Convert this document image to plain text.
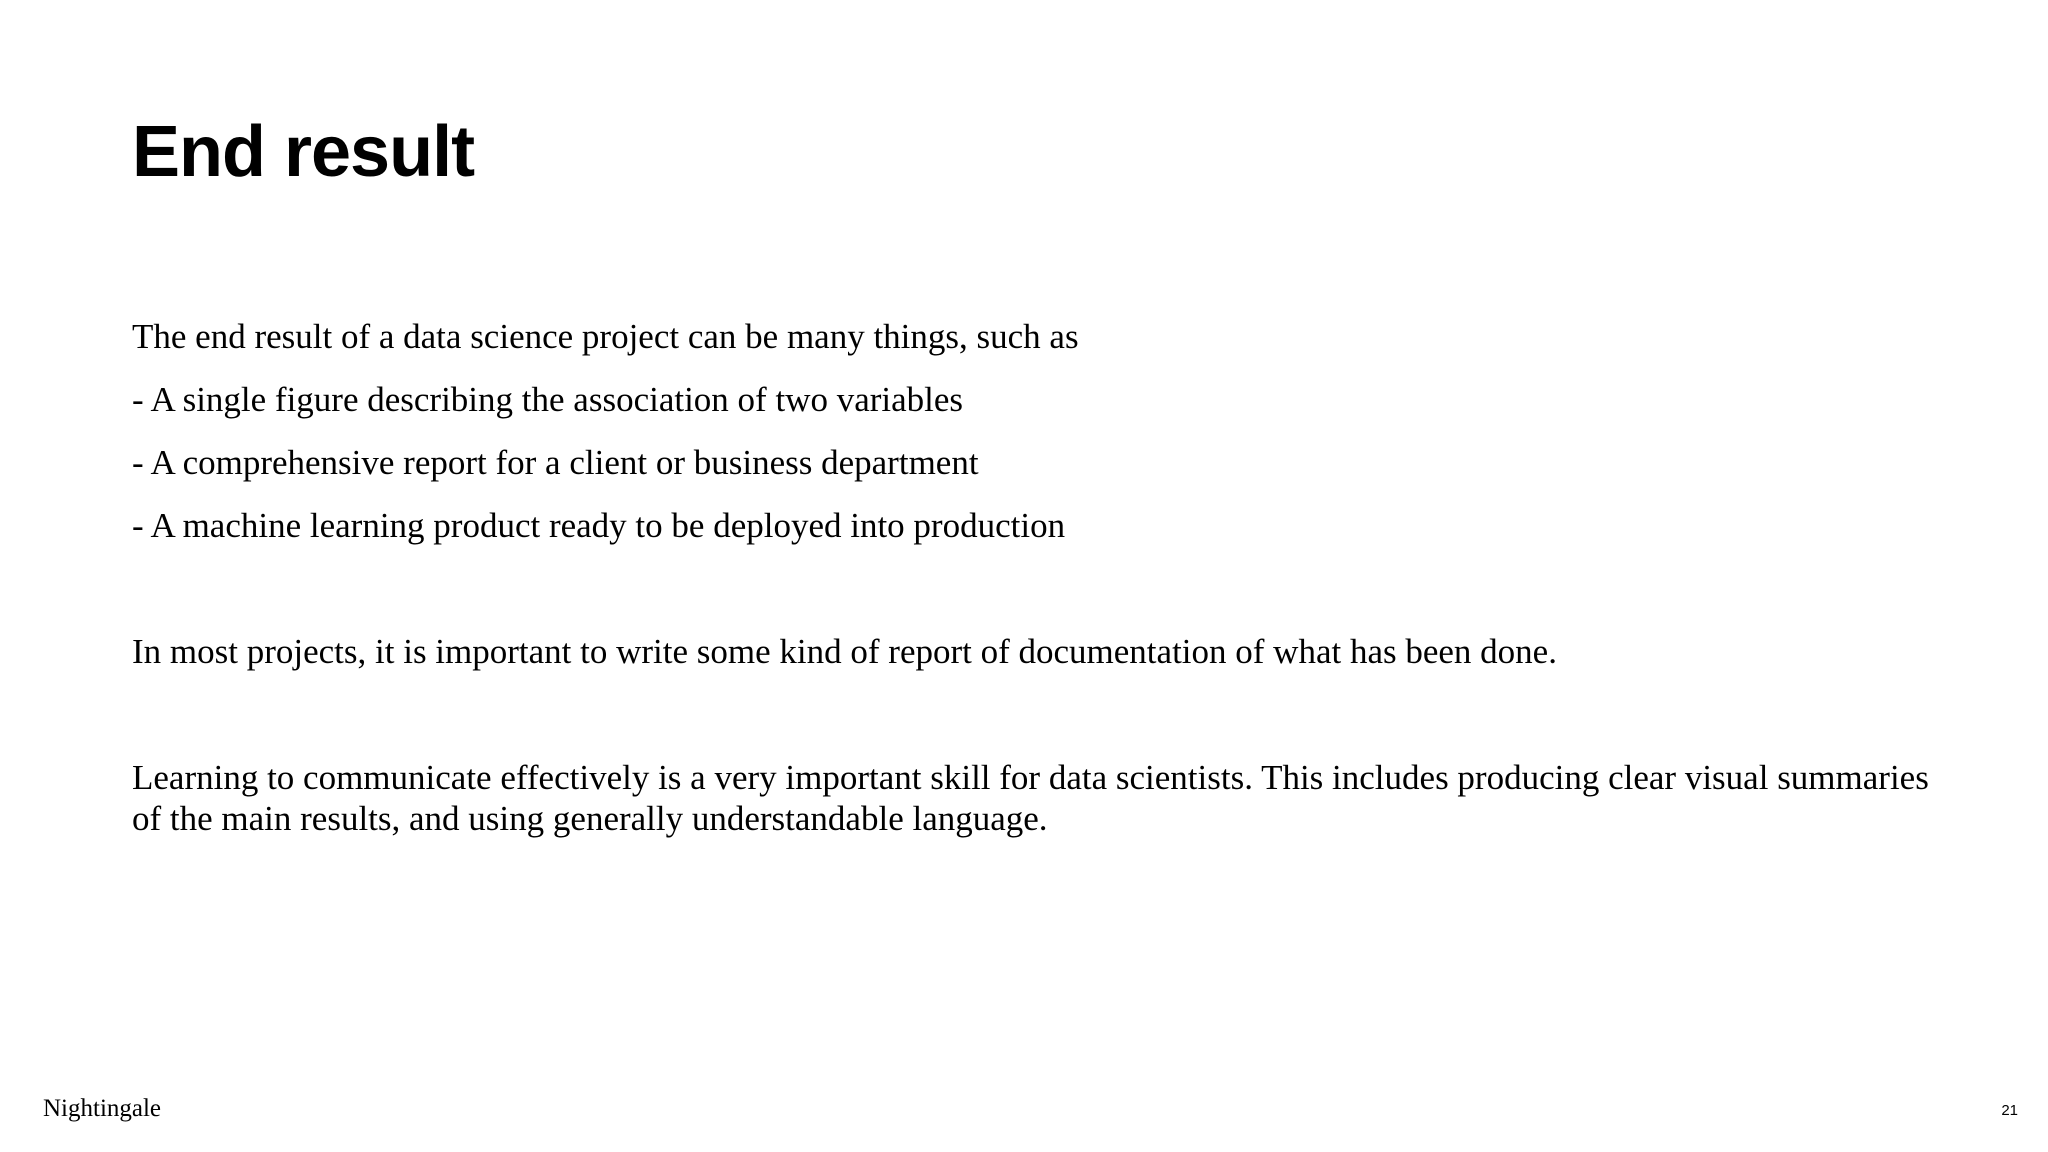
End result

The end result of a data science project can be many things, such as

- A single figure describing the association of two variables
- A comprehensive report for a client or business department
- A machine learning product ready to be deployed into production

In most projects, it is important to write some kind of report of documentation of what has been done.

Learning to communicate effectively is a very important skill for data scientists. This includes producing clear visual summaries of the main results, and using generally understandable language.

Nightingale	21
